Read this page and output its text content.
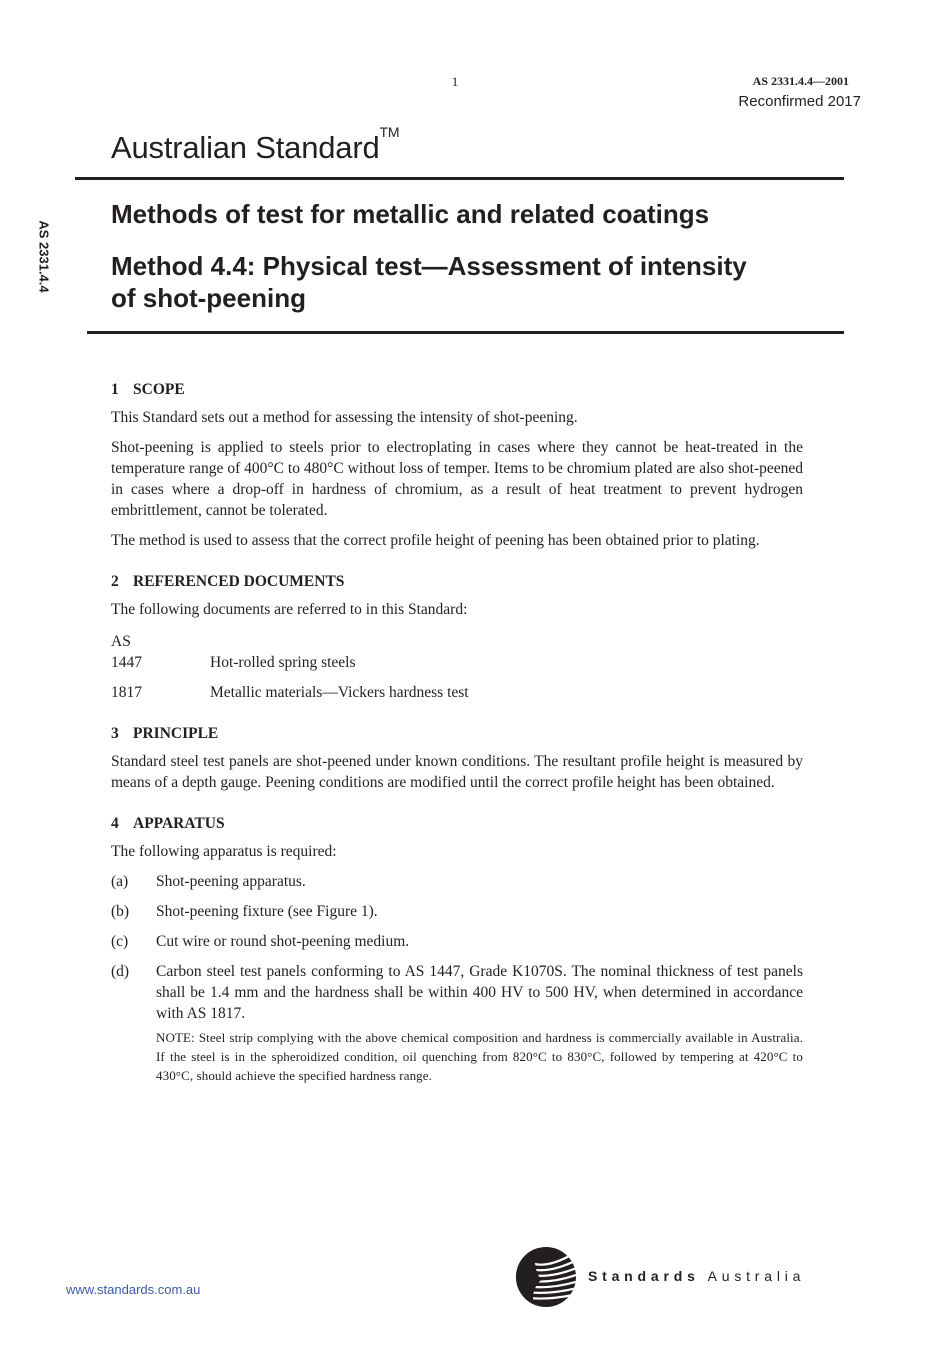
1	AS 2331.4.4—2001
Reconfirmed 2017
Australian Standard™
AS 2331.4.4
Methods of test for metallic and related coatings
Method 4.4: Physical test—Assessment of intensity of shot-peening
1 SCOPE

This Standard sets out a method for assessing the intensity of shot-peening.

Shot-peening is applied to steels prior to electroplating in cases where they cannot be heat-treated in the temperature range of 400°C to 480°C without loss of temper. Items to be chromium plated are also shot-peened in cases where a drop-off in hardness of chromium, as a result of heat treatment to prevent hydrogen embrittlement, cannot be tolerated.

The method is used to assess that the correct profile height of peening has been obtained prior to plating.

2 REFERENCED DOCUMENTS

The following documents are referred to in this Standard:

AS
1447	Hot-rolled spring steels
1817	Metallic materials—Vickers hardness test
3 PRINCIPLE

Standard steel test panels are shot-peened under known conditions. The resultant profile height is measured by means of a depth gauge. Peening conditions are modified until the correct profile height has been obtained.

4 APPARATUS

The following apparatus is required:

(a)	Shot-peening apparatus.
(b)	Shot-peening fixture (see Figure 1).
(c)	Cut wire or round shot-peening medium.
(d)	Carbon steel test panels conforming to AS 1447, Grade K1070S. The nominal thickness of test panels shall be 1.4 mm and the hardness shall be within 400 HV to 500 HV, when determined in accordance with AS 1817.
NOTE: Steel strip complying with the above chemical composition and hardness is commercially available in Australia. If the steel is in the spheroidized condition, oil quenching from 820°C to 830°C, followed by tempering at 420°C to 430°C, should achieve the specified hardness range.
www.standards.com.au
Standards Australia
